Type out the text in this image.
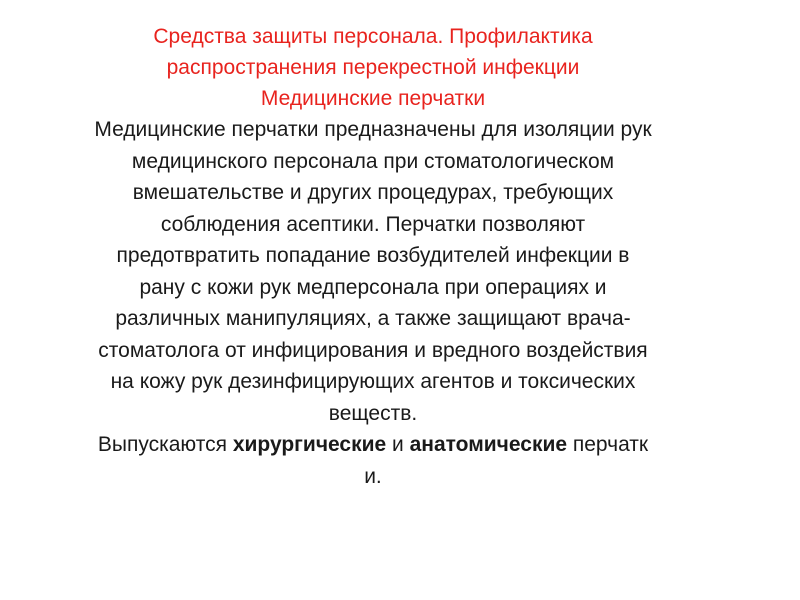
Средства защиты персонала. Профилактика
распространения перекрестной инфекции
Медицинские перчатки
Медицинские перчатки предназначены для изоляции рук
медицинского персонала при стоматологическом
вмешательстве и других процедурах, требующих
соблюдения асептики. Перчатки позволяют
предотвратить попадание возбудителей инфекции в
рану с кожи рук медперсонала при операциях и
различных манипуляциях, а также защищают врача-
стоматолога от инфицирования и вредного воздействия
на кожу рук дезинфицирующих агентов и токсических
веществ.
Выпускаются хирургические и анатомические перчатк
и.
